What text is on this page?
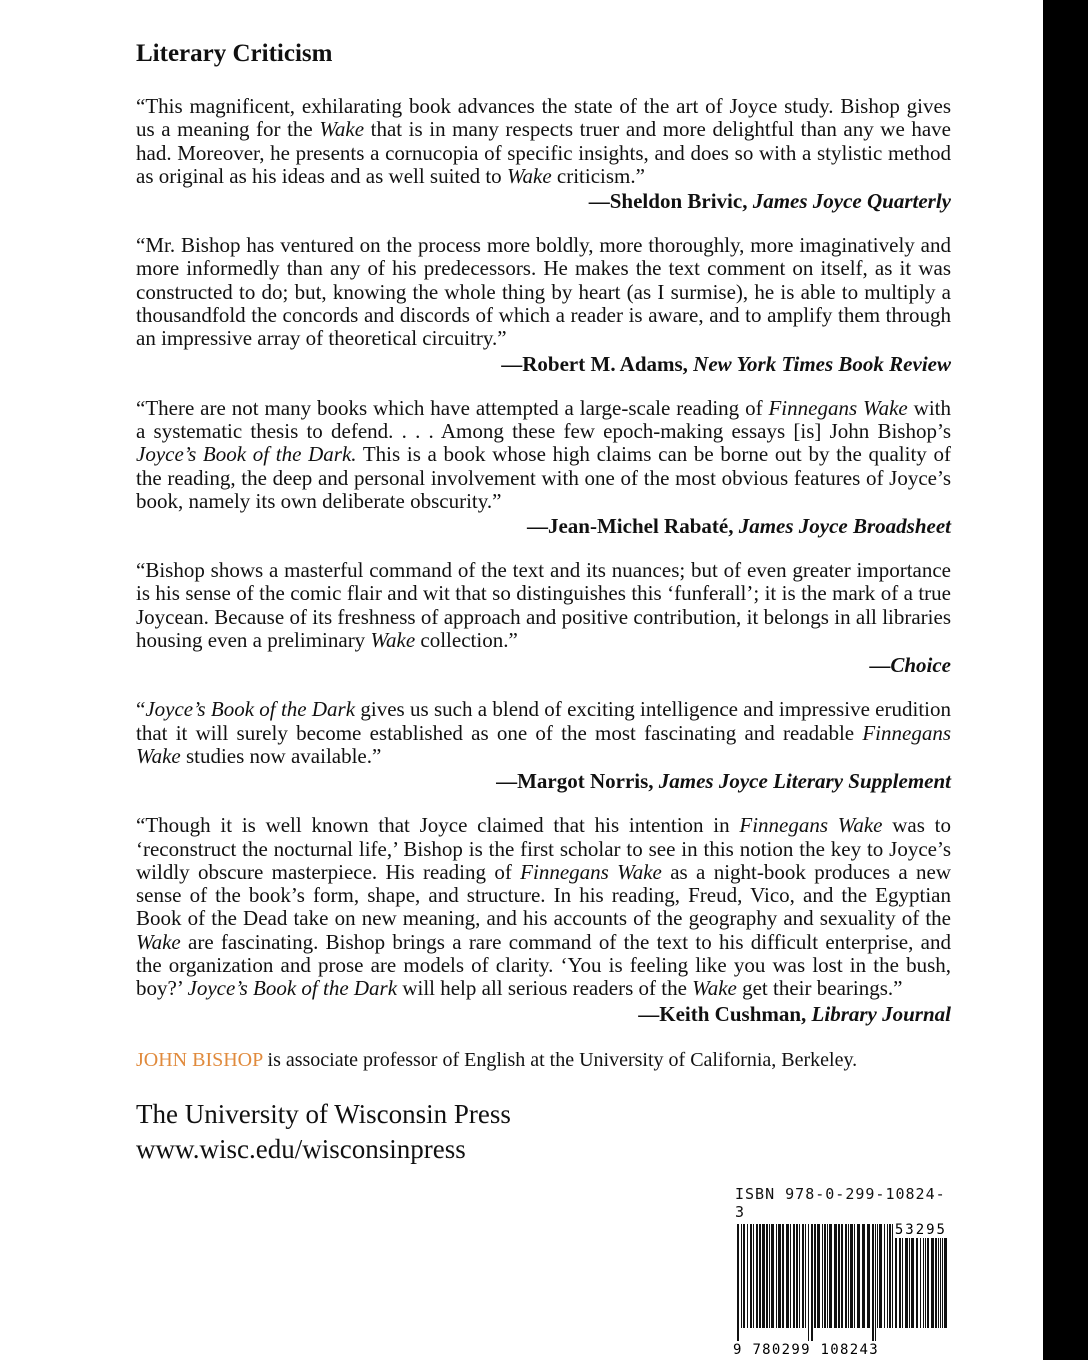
Literary Criticism

“This magnificent, exhilarating book advances the state of the art of Joyce study. Bishop gives us a meaning for the Wake that is in many respects truer and more delightful than any we have had. Moreover, he presents a cornucopia of specific insights, and does so with a stylistic method as original as his ideas and as well suited to Wake criticism.”

—Sheldon Brivic, James Joyce Quarterly

“Mr. Bishop has ventured on the process more boldly, more thoroughly, more imaginatively and more informedly than any of his predecessors. He makes the text comment on itself, as it was constructed to do; but, knowing the whole thing by heart (as I surmise), he is able to multiply a thousandfold the concords and discords of which a reader is aware, and to amplify them through an impressive array of theoretical circuitry.”

—Robert M. Adams, New York Times Book Review

“There are not many books which have attempted a large-scale reading of Finnegans Wake with a systematic thesis to defend. . . . Among these few epoch-making essays [is] John Bishop’s Joyce’s Book of the Dark. This is a book whose high claims can be borne out by the quality of the reading, the deep and personal involvement with one of the most obvious features of Joyce’s book, namely its own deliberate obscurity.”

—Jean-Michel Rabaté, James Joyce Broadsheet

“Bishop shows a masterful command of the text and its nuances; but of even greater importance is his sense of the comic flair and wit that so distinguishes this ‘funferall’; it is the mark of a true Joycean. Because of its freshness of approach and positive contribution, it belongs in all libraries housing even a preliminary Wake collection.”

—Choice

“Joyce’s Book of the Dark gives us such a blend of exciting intelligence and impressive erudition that it will surely become established as one of the most fascinating and readable Finnegans Wake studies now available.”

—Margot Norris, James Joyce Literary Supplement

“Though it is well known that Joyce claimed that his intention in Finnegans Wake was to ‘reconstruct the nocturnal life,’ Bishop is the first scholar to see in this notion the key to Joyce’s wildly obscure masterpiece. His reading of Finnegans Wake as a night-book produces a new sense of the book’s form, shape, and structure. In his reading, Freud, Vico, and the Egyptian Book of the Dead take on new meaning, and his accounts of the geography and sexuality of the Wake are fascinating. Bishop brings a rare command of the text to his difficult enterprise, and the organization and prose are models of clarity. ‘You is feeling like you was lost in the bush, boy?’ Joyce’s Book of the Dark will help all serious readers of the Wake get their bearings.”

—Keith Cushman, Library Journal
JOHN BISHOP is associate professor of English at the University of California, Berkeley.
The University of Wisconsin Press
www.wisc.edu/wisconsinpress
ISBN 978-0-299-10824-3
53295
9 780299 108243
